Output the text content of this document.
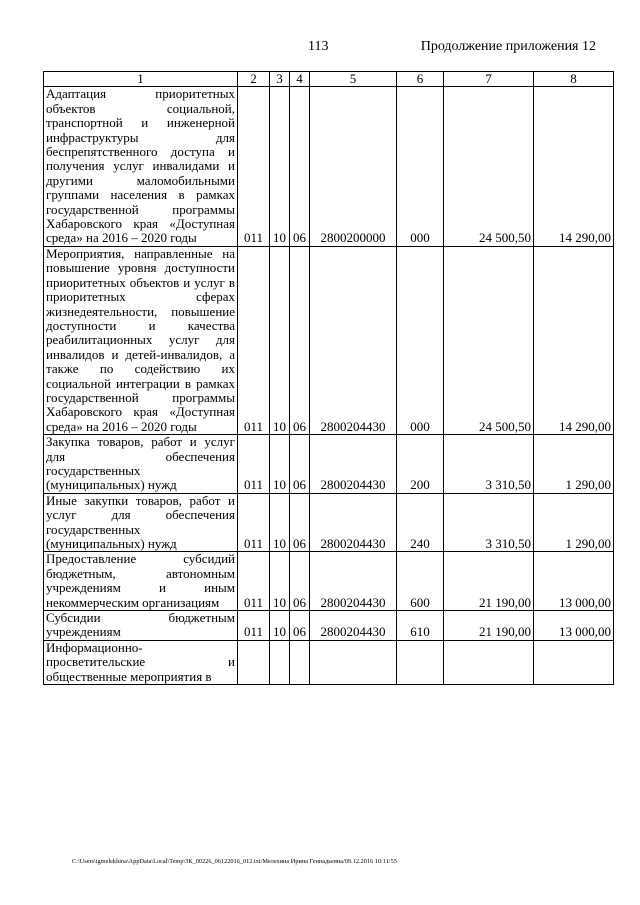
113	Продолжение приложения 12
1	2	3	4	5	6	7	8
Адаптация приоритетных объектов социальной, транспортной и инженерной инфраструктуры для беспрепятственного доступа и получения услуг инвалидами и другими маломобильными группами населения в рамках государственной программы Хабаровского края «Доступная среда» на 2016 – 2020 годы	011	10	06	2800200000	000	24 500,50	14 290,00
Мероприятия, направленные на повышение уровня доступности приоритетных объектов и услуг в приоритетных сферах жизнедеятельности, повышение доступности и качества реабилитационных услуг для инвалидов и детей-инвалидов, а также по содействию их социальной интеграции в рамках государственной программы Хабаровского края «Доступная среда» на 2016 – 2020 годы	011	10	06	2800204430	000	24 500,50	14 290,00
Закупка товаров, работ и услуг для обеспечения государственных (муниципальных) нужд	011	10	06	2800204430	200	3 310,50	1 290,00
Иные закупки товаров, работ и услуг для обеспечения государственных (муниципальных) нужд	011	10	06	2800204430	240	3 310,50	1 290,00
Предоставление субсидий бюджетным, автономным учреждениям и иным некоммерческим организациям	011	10	06	2800204430	600	21 190,00	13 000,00
Субсидии бюджетным учреждениям	011	10	06	2800204430	610	21 190,00	13 000,00
Информационно-просветительские и общественные мероприятия в							
C:\Users\igmelekhina\AppData\Local\Temp\ЗК_00226_06122016_012.txt/Мелехина Ирина Геннадьевна/09.12.2016 10:11:55
